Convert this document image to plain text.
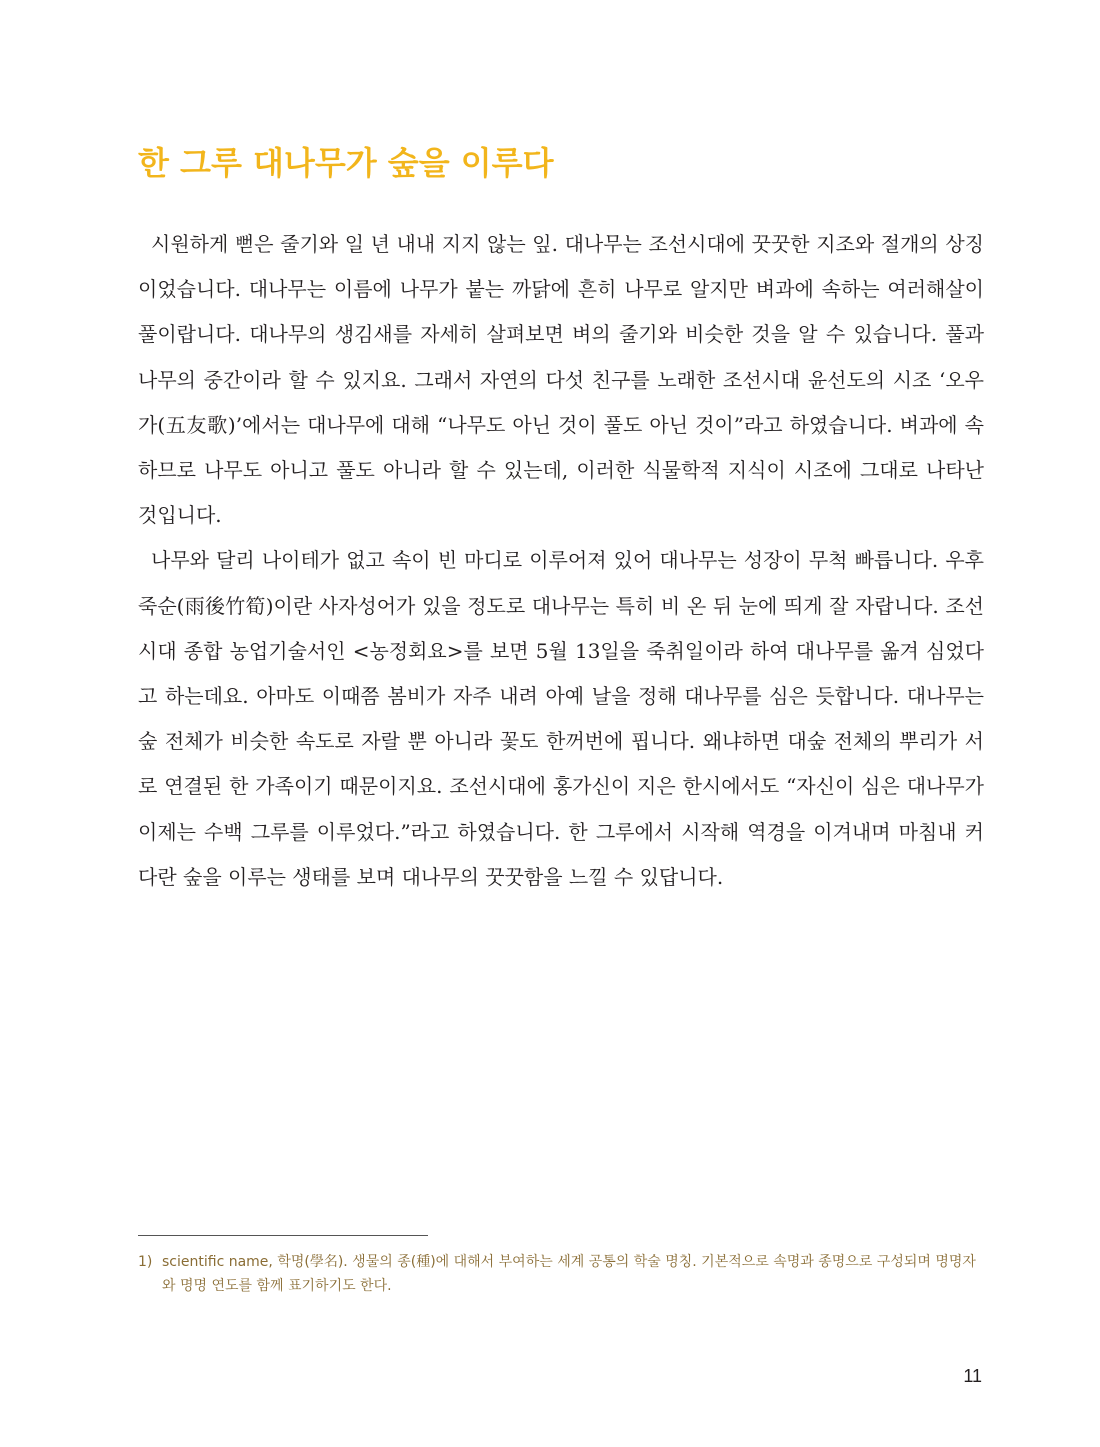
한 그루 대나무가 숲을 이루다

시원하게 뻗은 줄기와 일 년 내내 지지 않는 잎. 대나무는 조선시대에 꿋꿋한 지조와 절개의 상징이었습니다. 대나무는 이름에 나무가 붙는 까닭에 흔히 나무로 알지만 벼과에 속하는 여러해살이 풀이랍니다. 대나무의 생김새를 자세히 살펴보면 벼의 줄기와 비슷한 것을 알 수 있습니다. 풀과 나무의 중간이라 할 수 있지요. 그래서 자연의 다섯 친구를 노래한 조선시대 윤선도의 시조 ‘오우가(五友歌)’에서는 대나무에 대해 “나무도 아닌 것이 풀도 아닌 것이”라고 하였습니다. 벼과에 속하므로 나무도 아니고 풀도 아니라 할 수 있는데, 이러한 식물학적 지식이 시조에 그대로 나타난 것입니다.

나무와 달리 나이테가 없고 속이 빈 마디로 이루어져 있어 대나무는 성장이 무척 빠릅니다. 우후죽순(雨後竹筍)이란 사자성어가 있을 정도로 대나무는 특히 비 온 뒤 눈에 띄게 잘 자랍니다. 조선시대 종합 농업기술서인 <농정회요>를 보면 5월 13일을 죽취일이라 하여 대나무를 옮겨 심었다고 하는데요. 아마도 이때쯤 봄비가 자주 내려 아예 날을 정해 대나무를 심은 듯합니다. 대나무는 숲 전체가 비슷한 속도로 자랄 뿐 아니라 꽃도 한꺼번에 핍니다. 왜냐하면 대숲 전체의 뿌리가 서로 연결된 한 가족이기 때문이지요. 조선시대에 홍가신이 지은 한시에서도 “자신이 심은 대나무가 이제는 수백 그루를 이루었다.”라고 하였습니다. 한 그루에서 시작해 역경을 이겨내며 마침내 커다란 숲을 이루는 생태를 보며 대나무의 꿋꿋함을 느낄 수 있답니다.

1) scientific name, 학명(學名). 생물의 종(種)에 대해서 부여하는 세계 공통의 학술 명칭. 기본적으로 속명과 종명으로 구성되며 명명자와 명명 연도를 함께 표기하기도 한다.
11
